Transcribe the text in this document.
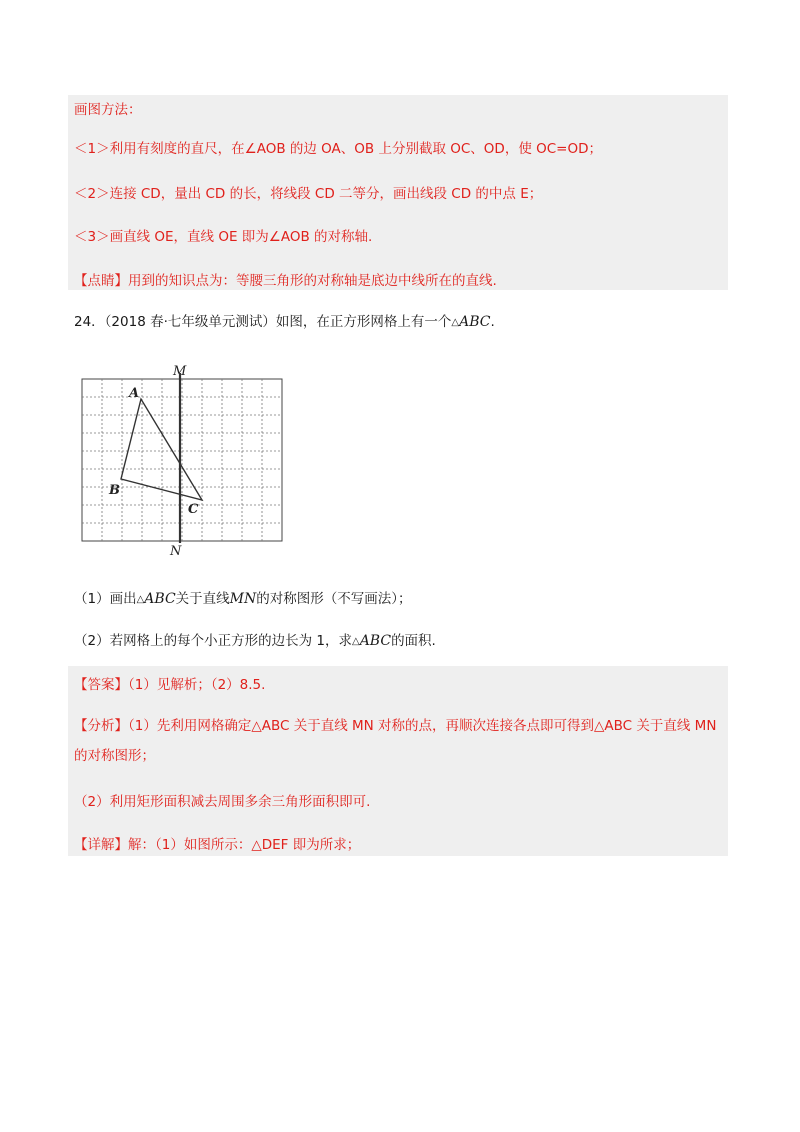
画图方法：
＜1＞利用有刻度的直尺，在∠AOB 的边 OA、OB 上分别截取 OC、OD，使 OC=OD；
＜2＞连接 CD，量出 CD 的长，将线段 CD 二等分，画出线段 CD 的中点 E；
＜3＞画直线 OE，直线 OE 即为∠AOB 的对称轴.
【点睛】用到的知识点为：等腰三角形的对称轴是底边中线所在的直线.
24．（2018 春·七年级单元测试）如图，在正方形网格上有一个△ABC.
A
B
C
M
N
（1）画出△ABC关于直线MN的对称图形（不写画法）；
（2）若网格上的每个小正方形的边长为 1，求△ABC的面积.
【答案】（1）见解析；（2）8.5.
【分析】（1）先利用网格确定△ABC 关于直线 MN 对称的点，再顺次连接各点即可得到△ABC 关于直线 MN 的对称图形；
（2）利用矩形面积减去周围多余三角形面积即可.
【详解】解：（1）如图所示：△DEF 即为所求；
